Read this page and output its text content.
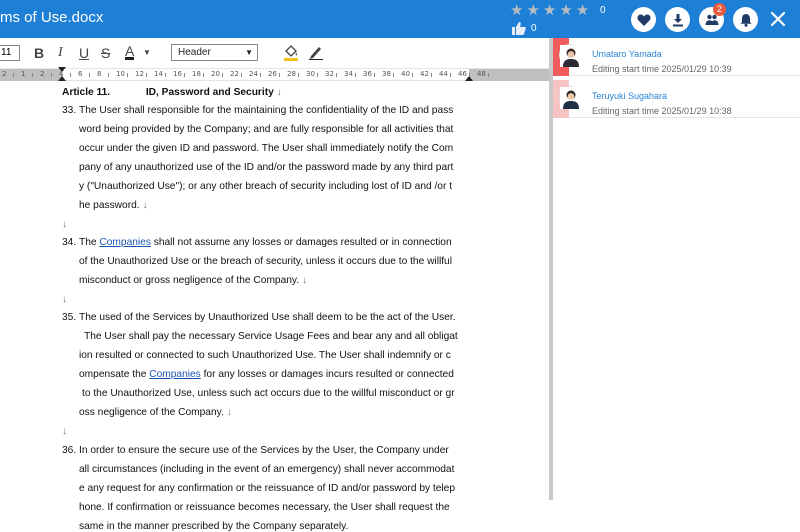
ms of Use.docx	★ ★ ★ ★ ★ 0
0
2
11	B I U S A ▼	Header	▼
2 1 2 4 6 8 10 12 14 16 18 20 22 24 26 28 30 32 34 36 38 40 42 44 46 48
Article 11.	ID, Password and Security ↓
33. The User shall responsible for the maintaining the confidentiality of the ID and pass
word being provided by the Company; and are fully responsible for all activities that
occur under the given ID and password. The User shall immediately notify the Com
pany of any unauthorized use of the ID and/or the password made by any third part
y ("Unauthorized Use"); or any other breach of security including lost of ID and /or t
he password. ↓
↓
34. The Companies shall not assume any losses or damages resulted or in connection
of the Unauthorized Use or the breach of security, unless it occurs due to the willful
misconduct or gross negligence of the Company. ↓
↓
35. The used of the Services by Unauthorized Use shall deem to be the act of the User.
The User shall pay the necessary Service Usage Fees and bear any and all obligat
ion resulted or connected to such Unauthorized Use. The User shall indemnify or c
ompensate the Companies for any losses or damages incurs resulted or connected
to the Unauthorized Use, unless such act occurs due to the willful misconduct or gr
oss negligence of the Company. ↓
↓
36. In order to ensure the secure use of the Services by the User, the Company under
all circumstances (including in the event of an emergency) shall never accommodat
e any request for any confirmation or the reissuance of ID and/or password by telep
hone. If confirmation or reissuance becomes necessary, the User shall request the
same in the manner prescribed by the Company separately.
Umataro Yamada
Editing start time 2025/01/29 10:39
Teruyuki Sugahara
Editing start time 2025/01/29 10:38
